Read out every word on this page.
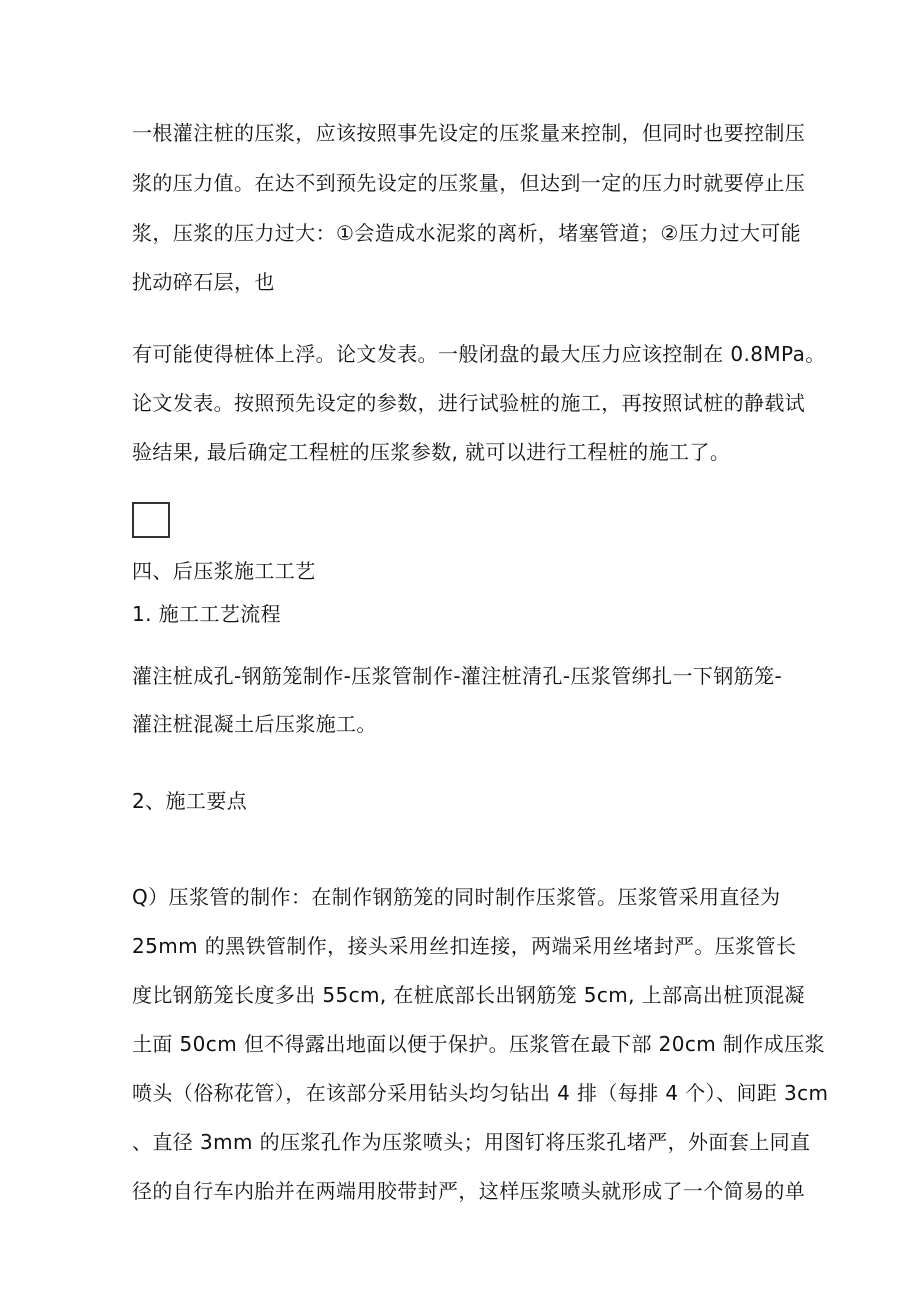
一根灌注桩的压浆，应该按照事先设定的压浆量来控制，但同时也要控制压
浆的压力值。在达不到预先设定的压浆量，但达到一定的压力时就要停止压
浆，压浆的压力过大：①会造成水泥浆的离析，堵塞管道；②压力过大可能
扰动碎石层，也
有可能使得桩体上浮。论文发表。一般闭盘的最大压力应该控制在 0.8MPa。
论文发表。按照预先设定的参数，进行试验桩的施工，再按照试桩的静载试
验结果, 最后确定工程桩的压浆参数, 就可以进行工程桩的施工了。
四、后压浆施工工艺
1. 施工工艺流程
灌注桩成孔-钢筋笼制作-压浆管制作-灌注桩清孔-压浆管绑扎一下钢筋笼-
灌注桩混凝土后压浆施工。
2、施工要点
Q）压浆管的制作：在制作钢筋笼的同时制作压浆管。压浆管采用直径为
25mm 的黑铁管制作，接头采用丝扣连接，两端采用丝堵封严。压浆管长
度比钢筋笼长度多出 55cm, 在桩底部长出钢筋笼 5cm, 上部高出桩顶混凝
土面 50cm 但不得露出地面以便于保护。压浆管在最下部 20cm 制作成压浆
喷头（俗称花管），在该部分采用钻头均匀钻出 4 排（每排 4 个）、间距 3cm
、直径 3mm 的压浆孔作为压浆喷头；用图钉将压浆孔堵严，外面套上同直
径的自行车内胎并在两端用胶带封严，这样压浆喷头就形成了一个简易的单
